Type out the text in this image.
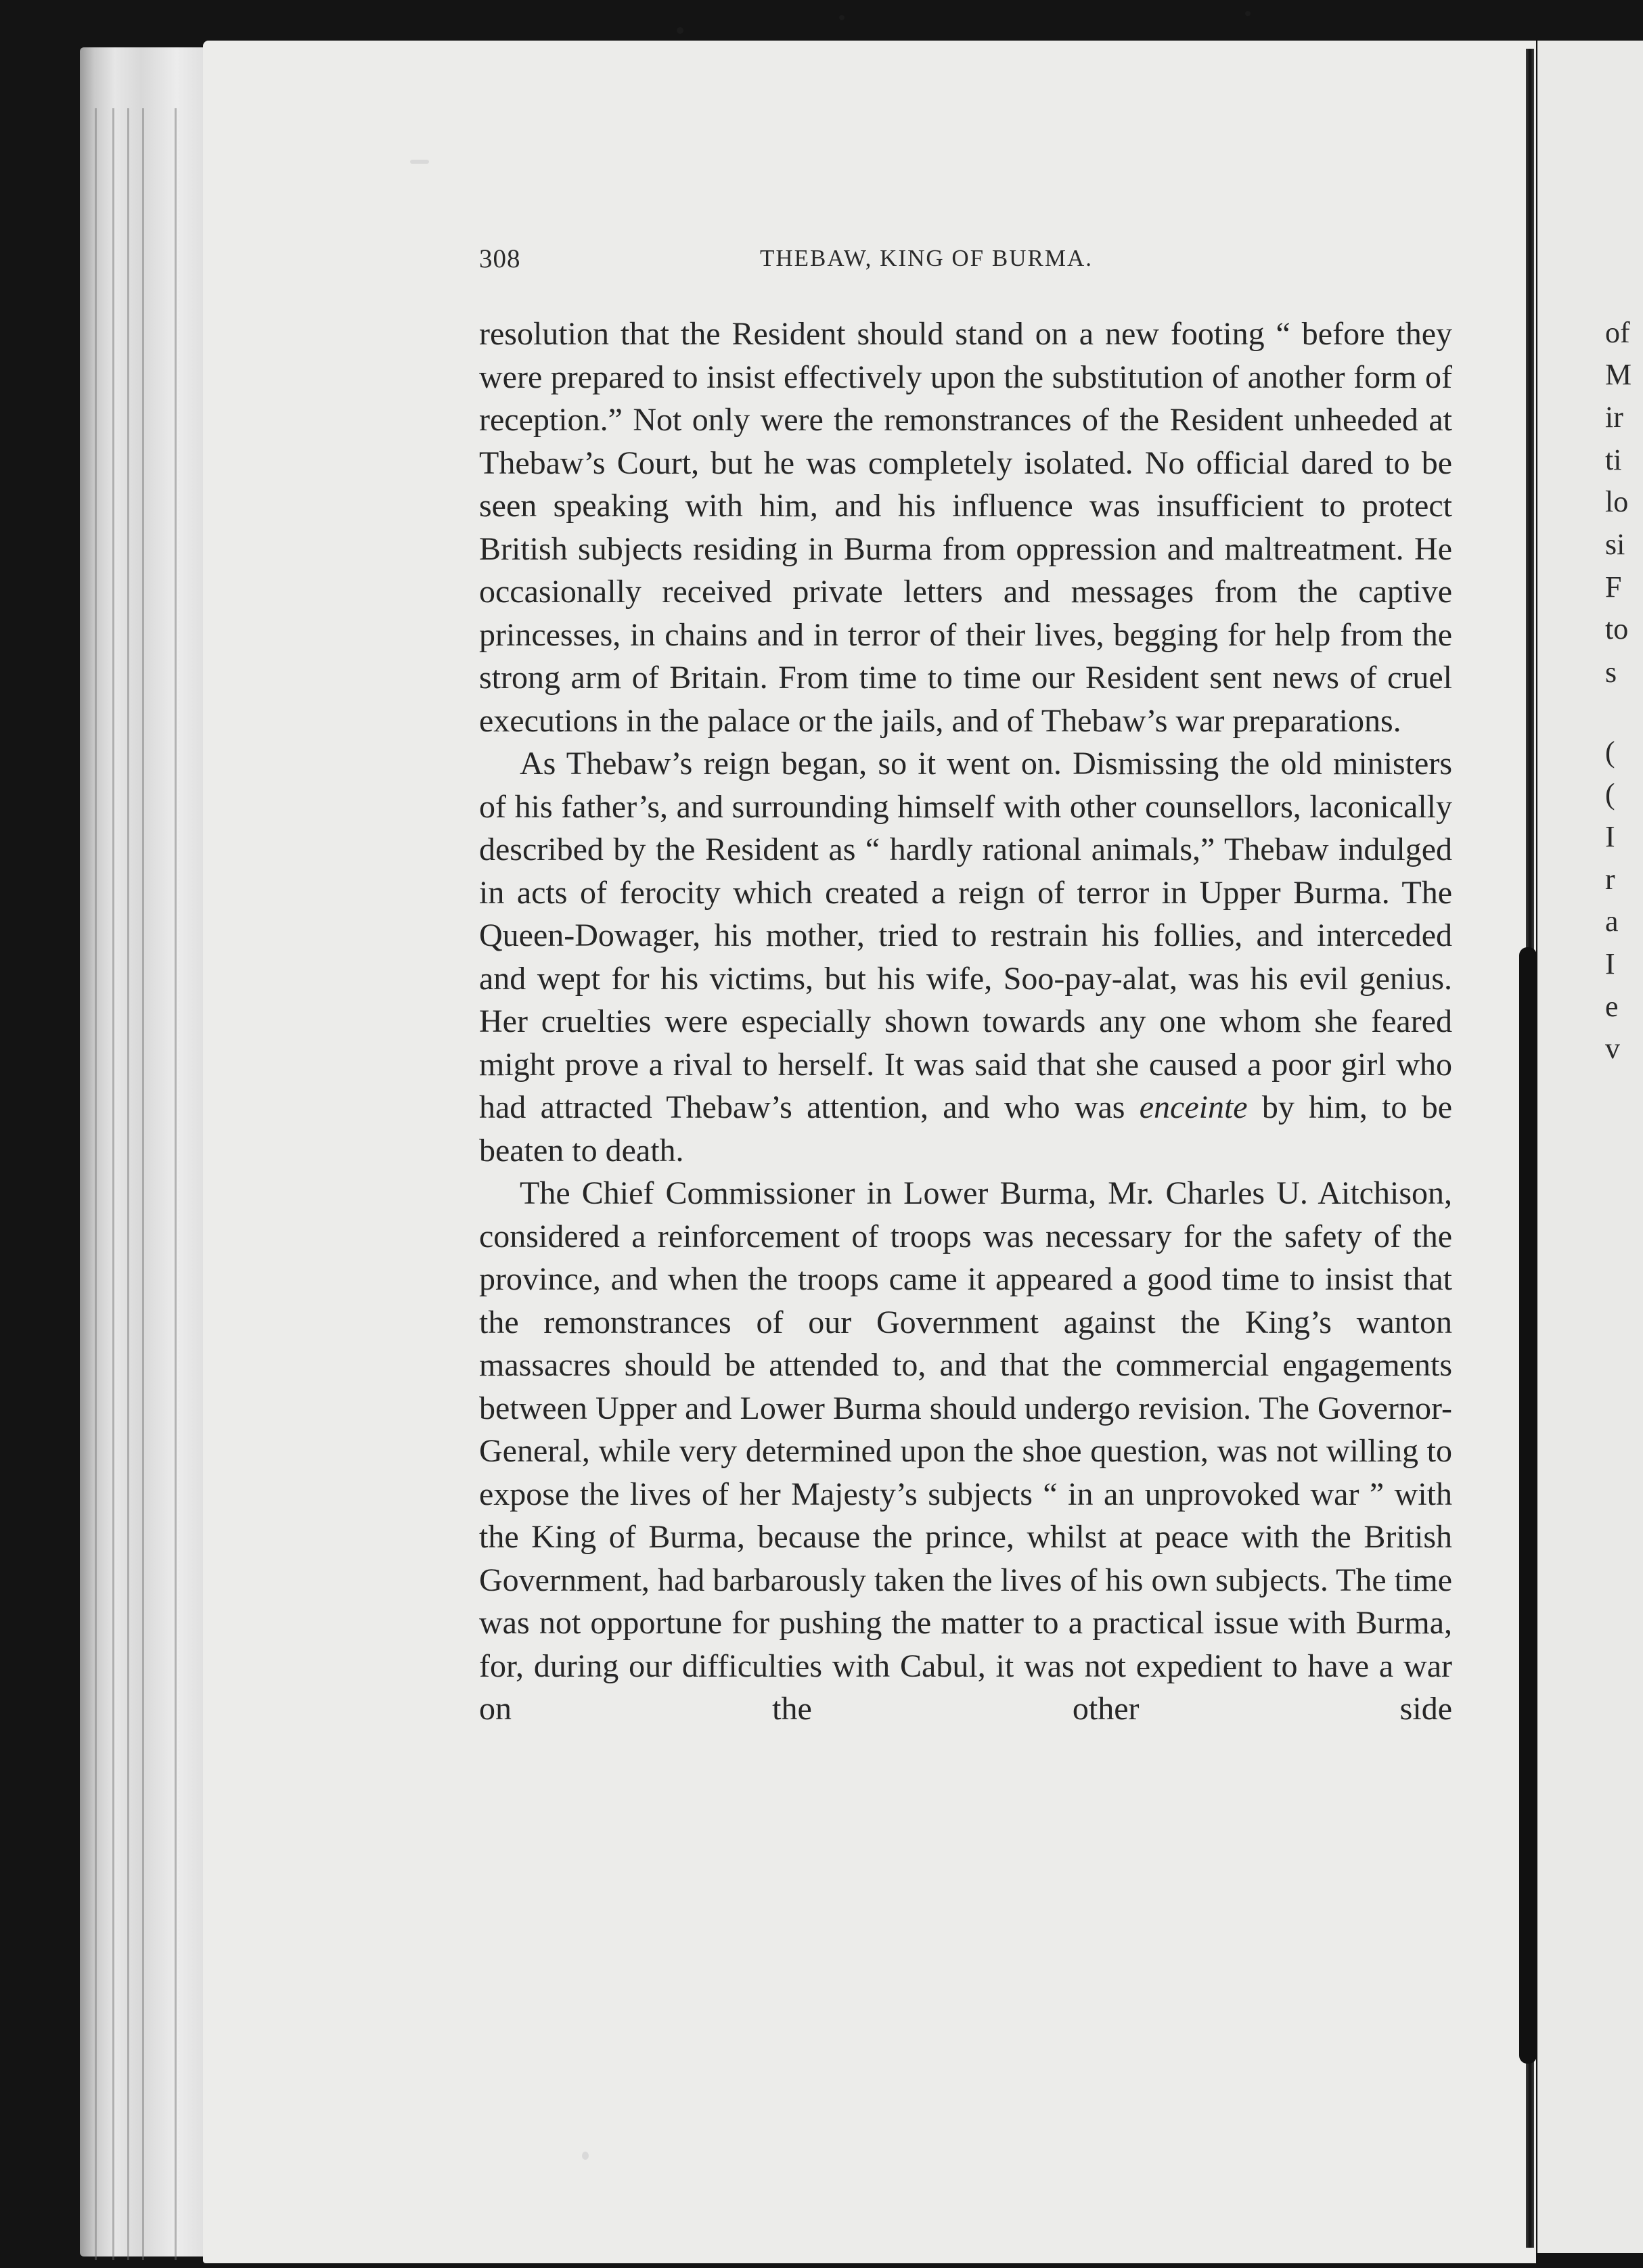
of
M
ir
ti
lo
si
F
to
s
(
(
I
r
a
I
e
v
308	THEBAW, KING OF BURMA.

resolution that the Resident should stand on a new footing “ before they were prepared to insist effectively upon the substitution of another form of reception.” Not only were the remonstrances of the Resident unheeded at Thebaw’s Court, but he was completely isolated. No official dared to be seen speaking with him, and his influence was insufficient to protect British subjects residing in Burma from oppression and maltreatment. He occasionally received private letters and messages from the captive princesses, in chains and in terror of their lives, begging for help from the strong arm of Britain. From time to time our Resident sent news of cruel executions in the palace or the jails, and of Thebaw’s war preparations.

As Thebaw’s reign began, so it went on. Dismissing the old ministers of his father’s, and surrounding himself with other counsellors, laconically described by the Resident as “ hardly rational animals,” Thebaw indulged in acts of ferocity which created a reign of terror in Upper Burma. The Queen-Dowager, his mother, tried to restrain his follies, and interceded and wept for his victims, but his wife, Soo-pay-alat, was his evil genius. Her cruelties were especially shown towards any one whom she feared might prove a rival to herself. It was said that she caused a poor girl who had attracted Thebaw’s attention, and who was enceinte by him, to be beaten to death.

The Chief Commissioner in Lower Burma, Mr. Charles U. Aitchison, considered a reinforcement of troops was necessary for the safety of the province, and when the troops came it appeared a good time to insist that the remonstrances of our Government against the King’s wanton massacres should be attended to, and that the commercial engagements between Upper and Lower Burma should undergo revision. The Governor-General, while very determined upon the shoe question, was not willing to expose the lives of her Majesty’s subjects “ in an unprovoked war ” with the King of Burma, because the prince, whilst at peace with the British Government, had barbarously taken the lives of his own subjects. The time was not opportune for pushing the matter to a practical issue with Burma, for, during our difficulties with Cabul, it was not expedient to have a war on the other side
